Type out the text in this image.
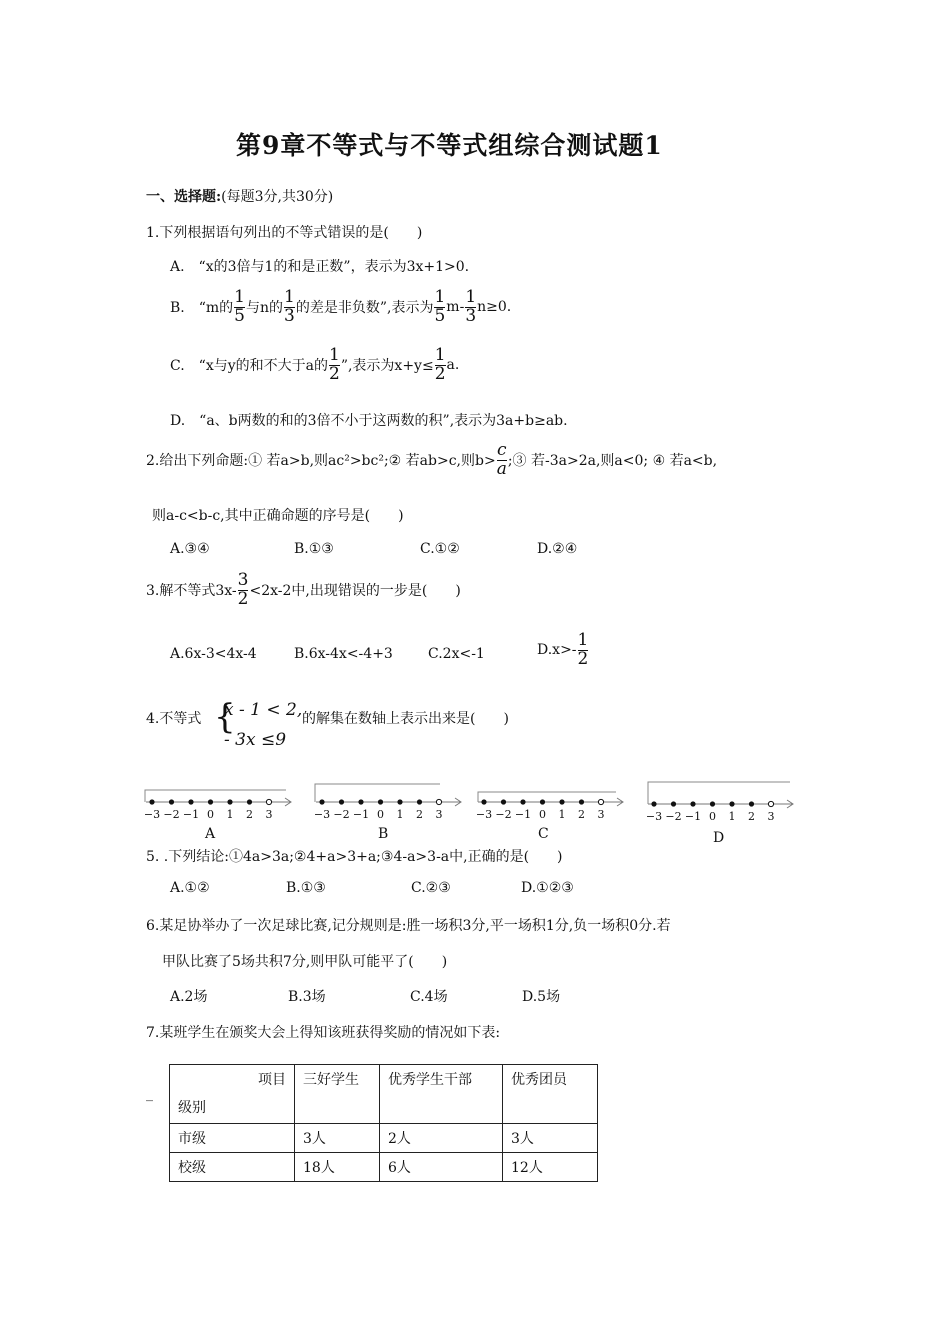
第9章不等式与不等式组综合测试题1
一、选择题:(每题3分,共30分)
1.下列根据语句列出的不等式错误的是(　　)
A.　“x的3倍与1的和是正数”，表示为3x+1>0.
B.　“m的 $\frac{1}{5}$ 与n的 $\frac{1}{3}$ 的差是非负数”,表示为 $\frac{1}{5} m- \frac{1}{3} n\ge 0$.
C.　“x与y的和不大于a的 $\frac{1}{2}$ ”,表示为$x+y\le \frac{1}{2} a$.
D.　“a、b两数的和的3倍不小于这两数的积”,表示为3a+b≥ab.
2.给出下列命题:① 若a>b,则ac²>bc²;② 若ab>c,则$b> \frac{c}{a}$ ;③ 若-3a>2a,则a<0; ④ 若a<b,
则a-c<b-c,其中正确命题的序号是(　　)
A.③④	B.①③	C.①②	D.②④
3.解不等式$3x- \frac{3}{2} <2x-2$中,出现错误的一步是(　　)
A.6x-3<4x-4	B.6x-4x<-4+3	C.2x<-1	$D.x>- \frac{1}{2}$
4.不等式 {
x - 1 < 2,
- 3x ≤9
的解集在数轴上表示出来是(　　)
−3 −2 −1 0 1 2 3	−3 −2 −1 0 1 2 3	−3 −2 −1 0 1 2 3	−3 −2 −1 0 1 2 3
A	B	C	D
5. .下列结论:①4a>3a;②4+a>3+a;③4-a>3-a中,正确的是(　　)
A.①②	B.①③	C.②③	D.①②③
6.某足协举办了一次足球比赛,记分规则是:胜一场积3分,平一场积1分,负一场积0分.若
甲队比赛了5场共积7分,则甲队可能平了(　　)
A.2场	B.3场	C.4场	D.5场
7.某班学生在颁奖大会上得知该班获得奖励的情况如下表:
_
项目
级别	三好学生	优秀学生干部	优秀团员
市级	3人	2人	3人
校级	18人	6人	12人
